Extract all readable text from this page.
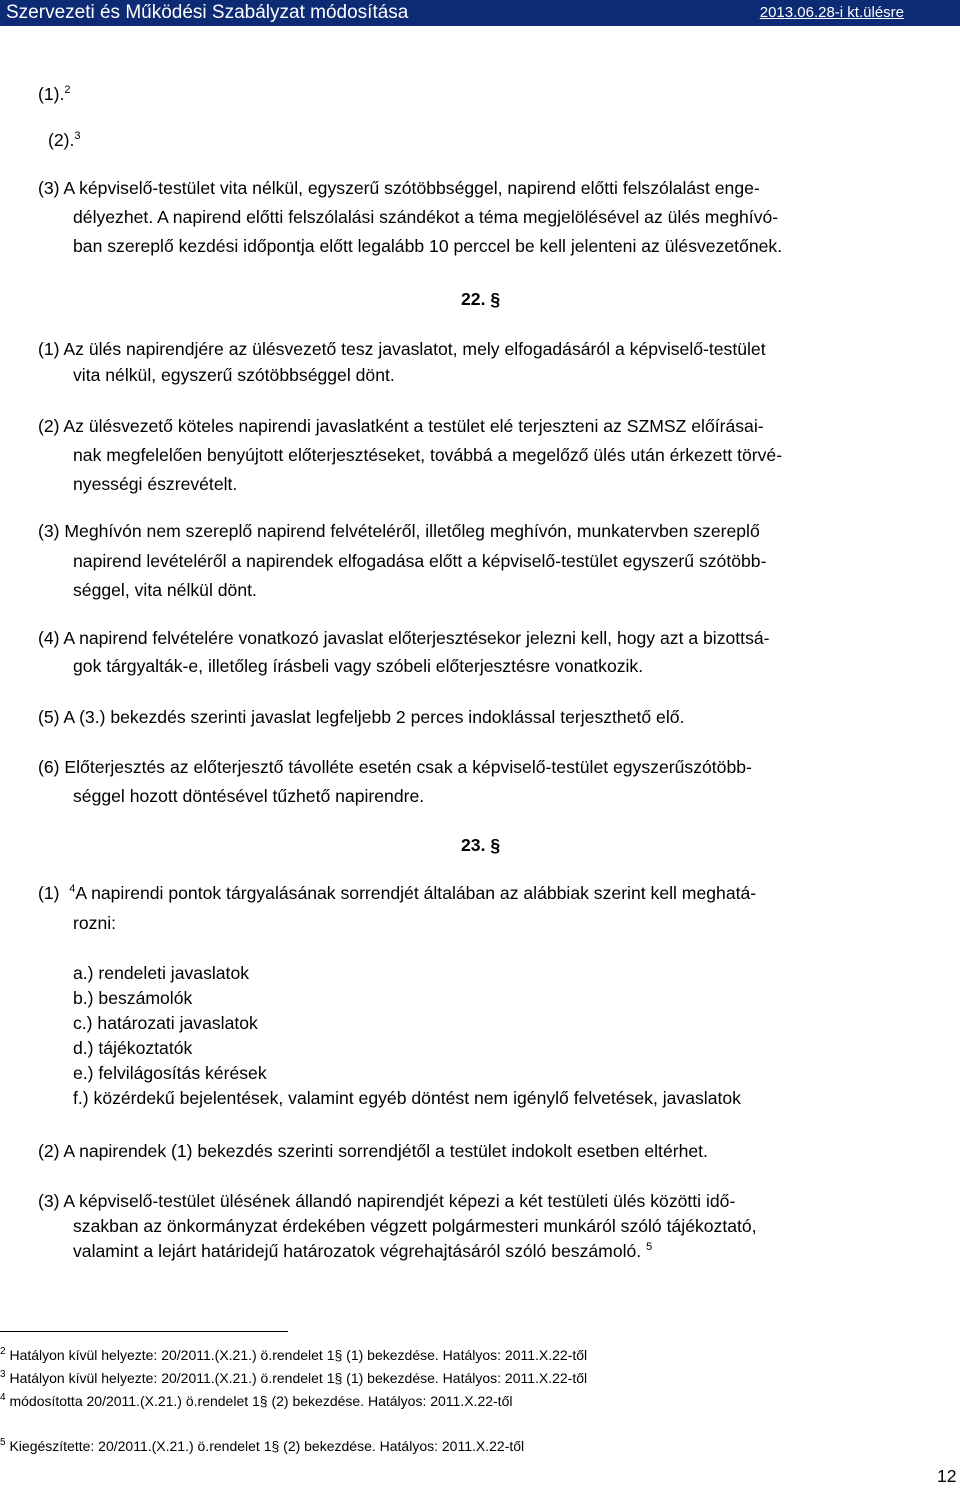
Szervezeti és Működési Szabályzat módosítása	2013.06.28-i kt.ülésre
(1).$^2$
(2).$^3$
(3) A képviselő-testület vita nélkül, egyszerű szótöbbséggel, napirend előtti felszólalást enge-
délyezhet. A napirend előtti felszólalási szándékot a téma megjelölésével az ülés meghívó-
ban szereplő kezdési időpontja előtt legalább 10 perccel be kell jelenteni az ülésvezetőnek.
22. §
(1) Az ülés napirendjére az ülésvezető tesz javaslatot, mely elfogadásáról a képviselő-testület
vita nélkül, egyszerű szótöbbséggel dönt.
(2) Az ülésvezető köteles napirendi javaslatként a testület elé terjeszteni az SZMSZ előírásai-
nak megfelelően benyújtott előterjesztéseket, továbbá a megelőző ülés után érkezett törvé-
nyességi észrevételt.
(3) Meghívón nem szereplő napirend felvételéről, illetőleg meghívón, munkatervben szereplő
napirend levételéről a napirendek elfogadása előtt a képviselő-testület egyszerű szótöbb-
séggel, vita nélkül dönt.
(4) A napirend felvételére vonatkozó javaslat előterjesztésekor jelezni kell, hogy azt a bizottsá-
gok tárgyalták-e, illetőleg írásbeli vagy szóbeli előterjesztésre vonatkozik.
(5) A (3.) bekezdés szerinti javaslat legfeljebb 2 perces indoklással terjeszthető elő.
(6) Előterjesztés az előterjesztő távolléte esetén csak a képviselő-testület egyszerűszótöbb-
séggel hozott döntésével tűzhető napirendre.
23. §
(1) $^4$A napirendi pontok tárgyalásának sorrendjét általában az alábbiak szerint kell meghatá-
rozni:
a.) rendeleti javaslatok
b.) beszámolók
c.) határozati javaslatok
d.) tájékoztatók
e.) felvilágosítás kérések
f.) közérdekű bejelentések, valamint egyéb döntést nem igénylő felvetések, javaslatok
(2) A napirendek (1) bekezdés szerinti sorrendjétől a testület indokolt esetben eltérhet.
(3) A képviselő-testület ülésének állandó napirendjét képezi a két testületi ülés közötti idő-
szakban az önkormányzat érdekében végzett polgármesteri munkáról szóló tájékoztató,
valamint a lejárt határidejű határozatok végrehajtásáról szóló beszámoló. $^5$
$^2$ Hatályon kívül helyezte: 20/2011.(X.21.) ö.rendelet 1§ (1) bekezdése. Hatályos: 2011.X.22-től
$^3$ Hatályon kívül helyezte: 20/2011.(X.21.) ö.rendelet 1§ (1) bekezdése. Hatályos: 2011.X.22-től
$^4$ módosította 20/2011.(X.21.) ö.rendelet 1§ (2) bekezdése. Hatályos: 2011.X.22-től
$^5$ Kiegészítette: 20/2011.(X.21.) ö.rendelet 1§ (2) bekezdése. Hatályos: 2011.X.22-től
12
